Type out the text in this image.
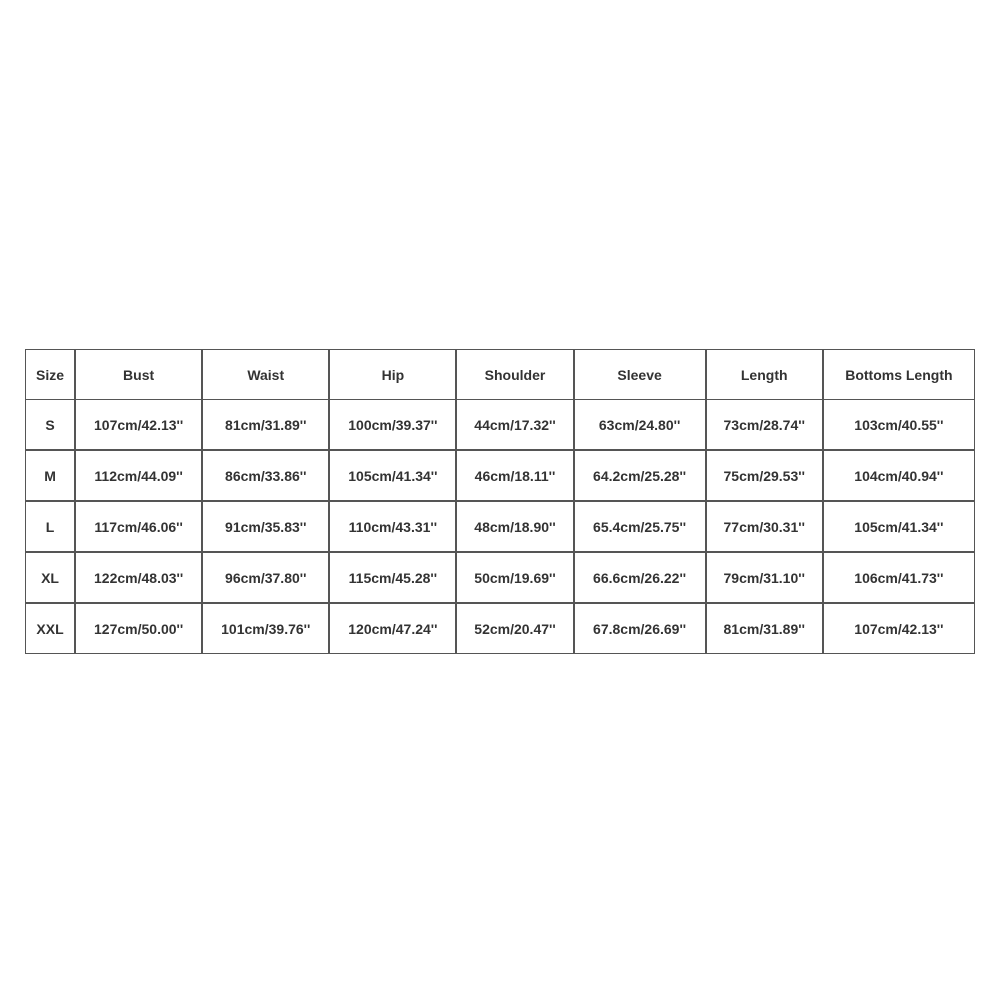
Size	Bust	Waist	Hip	Shoulder	Sleeve	Length	Bottoms Length
S	107cm/42.13''	81cm/31.89''	100cm/39.37''	44cm/17.32''	63cm/24.80''	73cm/28.74''	103cm/40.55''
M	112cm/44.09''	86cm/33.86''	105cm/41.34''	46cm/18.11''	64.2cm/25.28''	75cm/29.53''	104cm/40.94''
L	117cm/46.06''	91cm/35.83''	110cm/43.31''	48cm/18.90''	65.4cm/25.75''	77cm/30.31''	105cm/41.34''
XL	122cm/48.03''	96cm/37.80''	115cm/45.28''	50cm/19.69''	66.6cm/26.22''	79cm/31.10''	106cm/41.73''
XXL	127cm/50.00''	101cm/39.76''	120cm/47.24''	52cm/20.47''	67.8cm/26.69''	81cm/31.89''	107cm/42.13''
